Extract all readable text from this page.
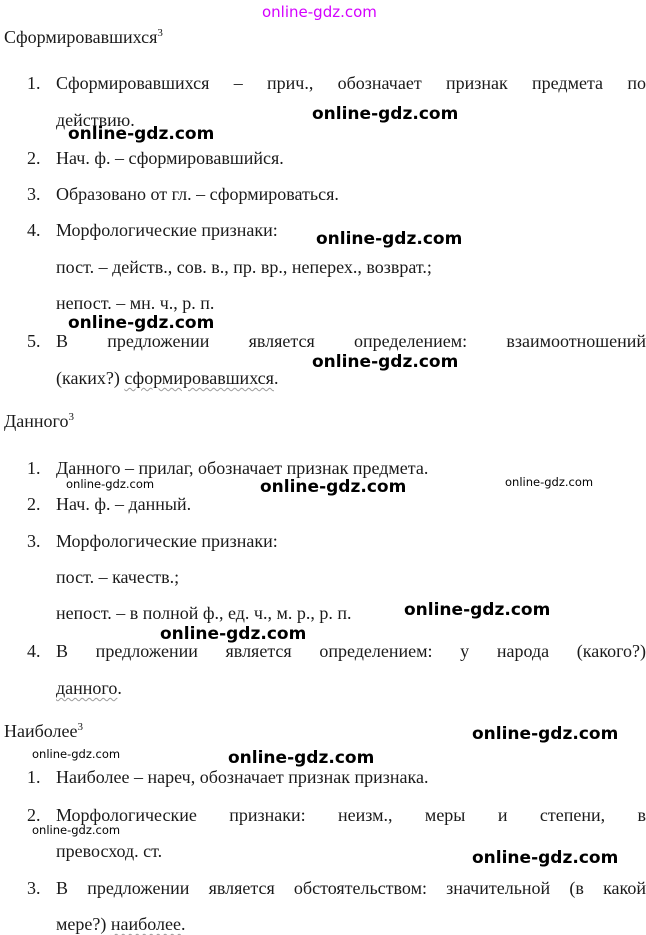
online-gdz.com
Сформировавшихся$^3$
1. Сформировавшихся – прич., обозначает признак предмета по
действию.
2. Нач. ф. – сформировавшийся.
3. Образовано от гл. – сформироваться.
4. Морфологические признаки:
пост. – действ., сов. в., пр. вр., неперех., возврат.;
непост. – мн. ч., р. п.
5. В предложении является определением: взаимоотношений
(каких?) сформировавшихся.
Данного$^3$
1. Данного – прилаг, обозначает признак предмета.
2. Нач. ф. – данный.
3. Морфологические признаки:
пост. – качеств.;
непост. – в полной ф., ед. ч., м. р., р. п.
4. В предложении является определением: у народа (какого?)
данного.
Наиболее$^3$
1. Наиболее – нареч, обозначает признак признака.
2. Морфологические признаки: неизм., меры и степени, в
превосход. ст.
3. В предложении является обстоятельством: значительной (в какой
мере?) наиболее.
online-gdz.com
online-gdz.com
online-gdz.com
online-gdz.com
online-gdz.com
online-gdz.com
online-gdz.com	online-gdz.com
online-gdz.com
online-gdz.com
online-gdz.com
online-gdz.com
online-gdz.com
online-gdz.com
online-gdz.com
